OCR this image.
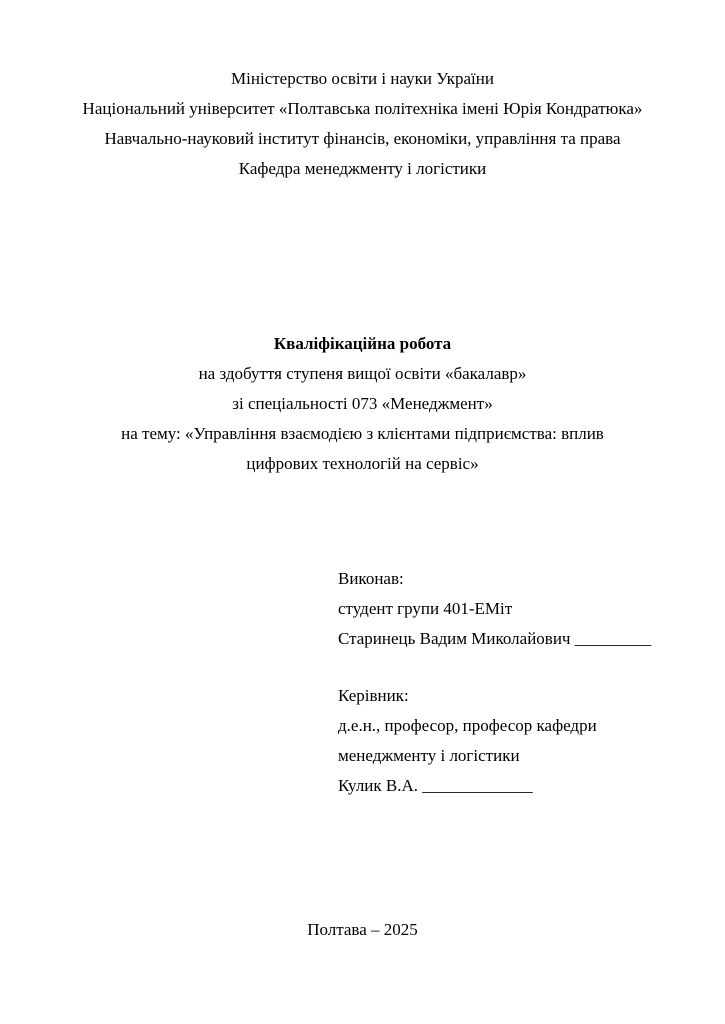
Міністерство освіти і науки України
Національний університет «Полтавська політехніка імені Юрія Кондратюка»
Навчально-науковий інститут фінансів, економіки, управління та права
Кафедра менеджменту і логістики
Кваліфікаційна робота
на здобуття ступеня вищої освіти «бакалавр»
зі спеціальності 073 «Менеджмент»
на тему: «Управління взаємодією з клієнтами підприємства: вплив
цифрових технологій на сервіс»
Виконав:
студент групи 401-ЕМіт
Старинець Вадим Миколайович _________
Керівник:
д.е.н., професор, професор кафедри
менеджменту і логістики
Кулик В.А. _____________
Полтава – 2025
